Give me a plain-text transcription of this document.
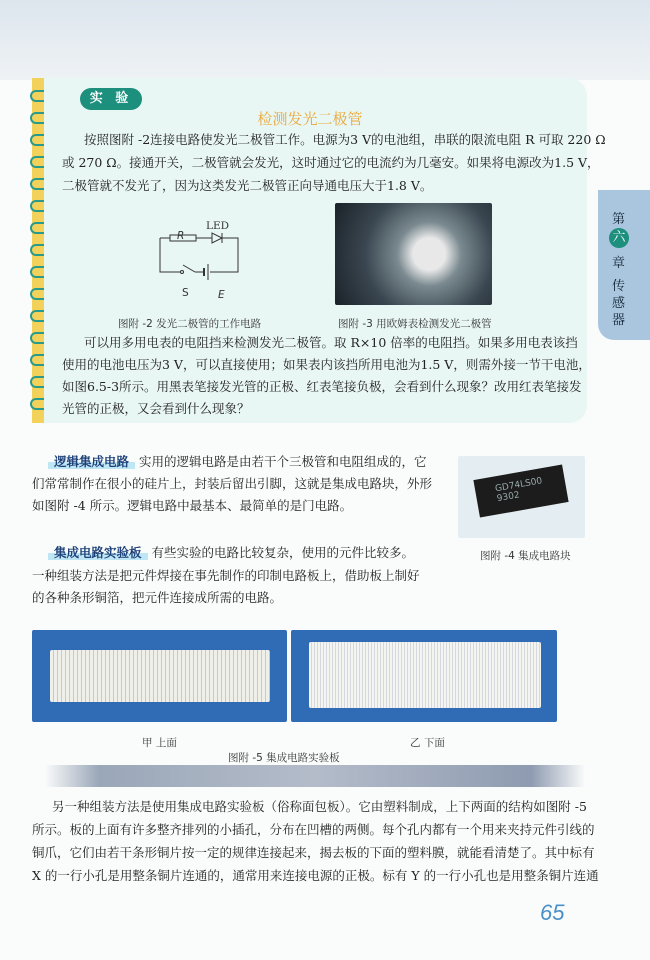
实 验
检测发光二极管
按照图附 -2连接电路使发光二极管工作。电源为3 V的电池组，串联的限流电阻 R 可取 220 Ω
或 270 Ω。接通开关，二极管就会发光，这时通过它的电流约为几毫安。如果将电源改为1.5 V，
二极管就不发光了，因为这类发光二极管正向导通电压大于1.8 V。
LED
R
S	E
图附 -2 发光二极管的工作电路	图附 -3 用欧姆表检测发光二极管
可以用多用电表的电阻挡来检测发光二极管。取 R×10 倍率的电阻挡。如果多用电表该挡
使用的电池电压为3 V，可以直接使用；如果表内该挡所用电池为1.5 V，则需外接一节干电池，
如图6.5-3所示。用黑表笔接发光管的正极、红表笔接负极，会看到什么现象？改用红表笔接发
光管的正极，又会看到什么现象？
第
六
章
传感器
逻辑集成电路 实用的逻辑电路是由若干个三极管和电阻组成的，它
们常常制作在很小的硅片上，封装后留出引脚，这就是集成电路块，外形
如图附 -4 所示。逻辑电路中最基本、最简单的是门电路。
GD74LS00
9302
图附 -4 集成电路块
集成电路实验板 有些实验的电路比较复杂，使用的元件比较多。
一种组装方法是把元件焊接在事先制作的印制电路板上，借助板上制好
的各种条形铜箔，把元件连接成所需的电路。
甲 上面	乙 下面
图附 -5 集成电路实验板
另一种组装方法是使用集成电路实验板（俗称面包板）。它由塑料制成，上下两面的结构如图附 -5
所示。板的上面有许多整齐排列的小插孔，分布在凹槽的两侧。每个孔内都有一个用来夹持元件引线的
铜爪，它们由若干条形铜片按一定的规律连接起来，揭去板的下面的塑料膜，就能看清楚了。其中标有
X 的一行小孔是用整条铜片连通的，通常用来连接电源的正极。标有 Y 的一行小孔也是用整条铜片连通
65
